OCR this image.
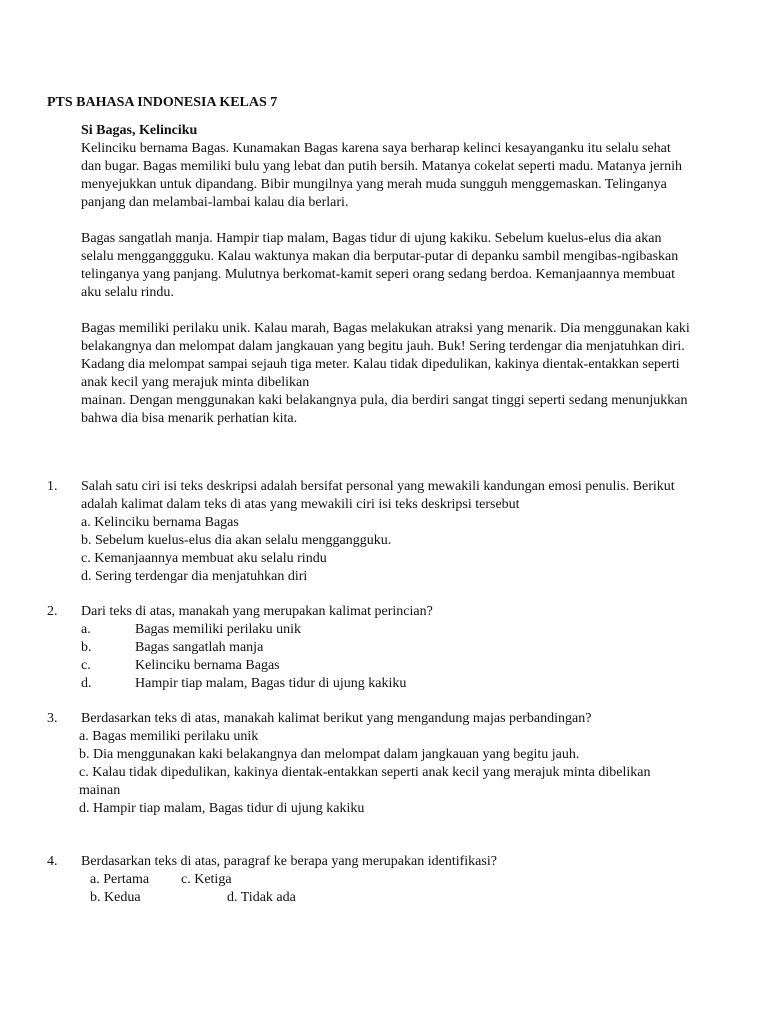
PTS BAHASA INDONESIA KELAS 7
Si Bagas, Kelinciku
Kelinciku bernama Bagas. Kunamakan Bagas karena saya berharap kelinci kesayanganku itu selalu sehat
dan bugar. Bagas memiliki bulu yang lebat dan putih bersih. Matanya cokelat seperti madu. Matanya jernih
menyejukkan untuk dipandang. Bibir mungilnya yang merah muda sungguh menggemaskan. Telinganya
panjang dan melambai-lambai kalau dia berlari.
Bagas sangatlah manja. Hampir tiap malam, Bagas tidur di ujung kakiku. Sebelum kuelus-elus dia akan
selalu mengganggguku. Kalau waktunya makan dia berputar-putar di depanku sambil mengibas-ngibaskan
telinganya yang panjang. Mulutnya berkomat-kamit seperi orang sedang berdoa. Kemanjaannya membuat
aku selalu rindu.
Bagas memiliki perilaku unik. Kalau marah, Bagas melakukan atraksi yang menarik. Dia menggunakan kaki
belakangnya dan melompat dalam jangkauan yang begitu jauh. Buk! Sering terdengar dia menjatuhkan diri.
Kadang dia melompat sampai sejauh tiga meter. Kalau tidak dipedulikan, kakinya dientak-entakkan seperti
anak kecil yang merajuk minta dibelikan
mainan. Dengan menggunakan kaki belakangnya pula, dia berdiri sangat tinggi seperti sedang menunjukkan
bahwa dia bisa menarik perhatian kita.
1. Salah satu ciri isi teks deskripsi adalah bersifat personal yang mewakili kandungan emosi penulis. Berikut
adalah kalimat dalam teks di atas yang mewakili ciri isi teks deskripsi tersebut
a. Kelinciku bernama Bagas
b. Sebelum kuelus-elus dia akan selalu menggangguku.
c. Kemanjaannya membuat aku selalu rindu
d. Sering terdengar dia menjatuhkan diri
2. Dari teks di atas, manakah yang merupakan kalimat perincian?
a.	Bagas memiliki perilaku unik
b.	Bagas sangatlah manja
c.	Kelinciku bernama Bagas
d.	Hampir tiap malam, Bagas tidur di ujung kakiku
3. Berdasarkan teks di atas, manakah kalimat berikut yang mengandung majas perbandingan?
a. Bagas memiliki perilaku unik
b. Dia menggunakan kaki belakangnya dan melompat dalam jangkauan yang begitu jauh.
c. Kalau tidak dipedulikan, kakinya dientak-entakkan seperti anak kecil yang merajuk minta dibelikan
mainan
d. Hampir tiap malam, Bagas tidur di ujung kakiku
4. Berdasarkan teks di atas, paragraf ke berapa yang merupakan identifikasi?
a. Pertama c. Ketiga
b. Kedua	d. Tidak ada
